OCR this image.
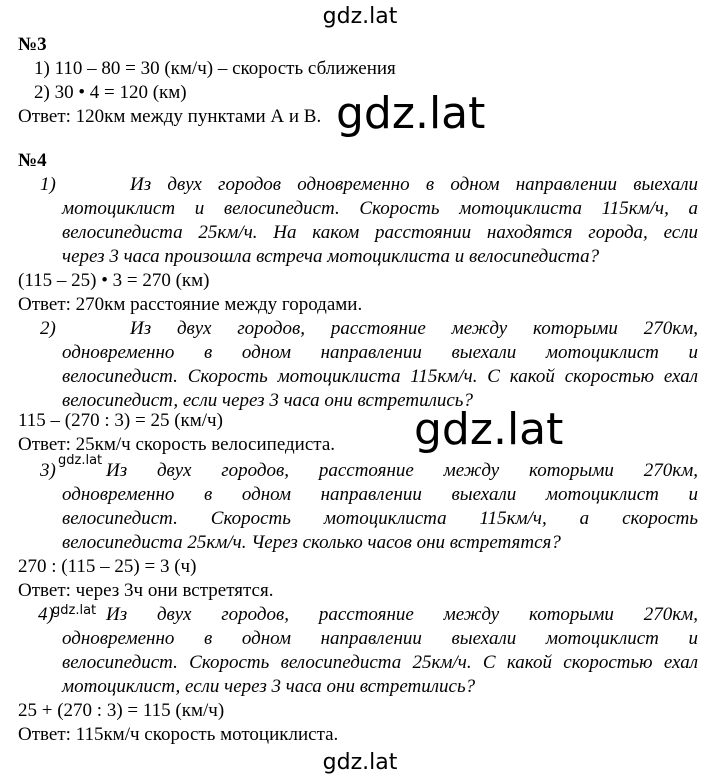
gdz.lat
gdz.lat
gdz.lat
gdz.lat
gdz.lat
gdz.lat
№3
1) 110 – 80 = 30 (км/ч) – скорость сближения
2) 30 • 4 = 120 (км)
Ответ: 120км между пунктами А и В.
№4
1)	Из двух городов одновременно в одном направлении выехали
мотоциклист и велосипедист. Скорость мотоциклиста 115км/ч, а
велосипедиста 25км/ч. На каком расстоянии находятся города, если
через 3 часа произошла встреча мотоциклиста и велосипедиста?
(115 – 25) • 3 = 270 (км)
Ответ: 270км расстояние между городами.
2)	Из двух городов, расстояние между которыми 270км,
одновременно в одном направлении выехали мотоциклист и
велосипедист. Скорость мотоциклиста 115км/ч. С какой скоростью ехал
велосипедист, если через 3 часа они встретились?
115 – (270 : 3) = 25 (км/ч)
Ответ: 25км/ч скорость велосипедиста.
3)	Из двух городов, расстояние между которыми 270км,
одновременно в одном направлении выехали мотоциклист и
велосипедист. Скорость мотоциклиста 115км/ч, а скорость
велосипедиста 25км/ч. Через сколько часов они встретятся?
270 : (115 – 25) = 3 (ч)
Ответ: через 3ч они встретятся.
4)	Из двух городов, расстояние между которыми 270км,
одновременно в одном направлении выехали мотоциклист и
велосипедист. Скорость велосипедиста 25км/ч. С какой скоростью ехал
мотоциклист, если через 3 часа они встретились?
25 + (270 : 3) = 115 (км/ч)
Ответ: 115км/ч скорость мотоциклиста.
